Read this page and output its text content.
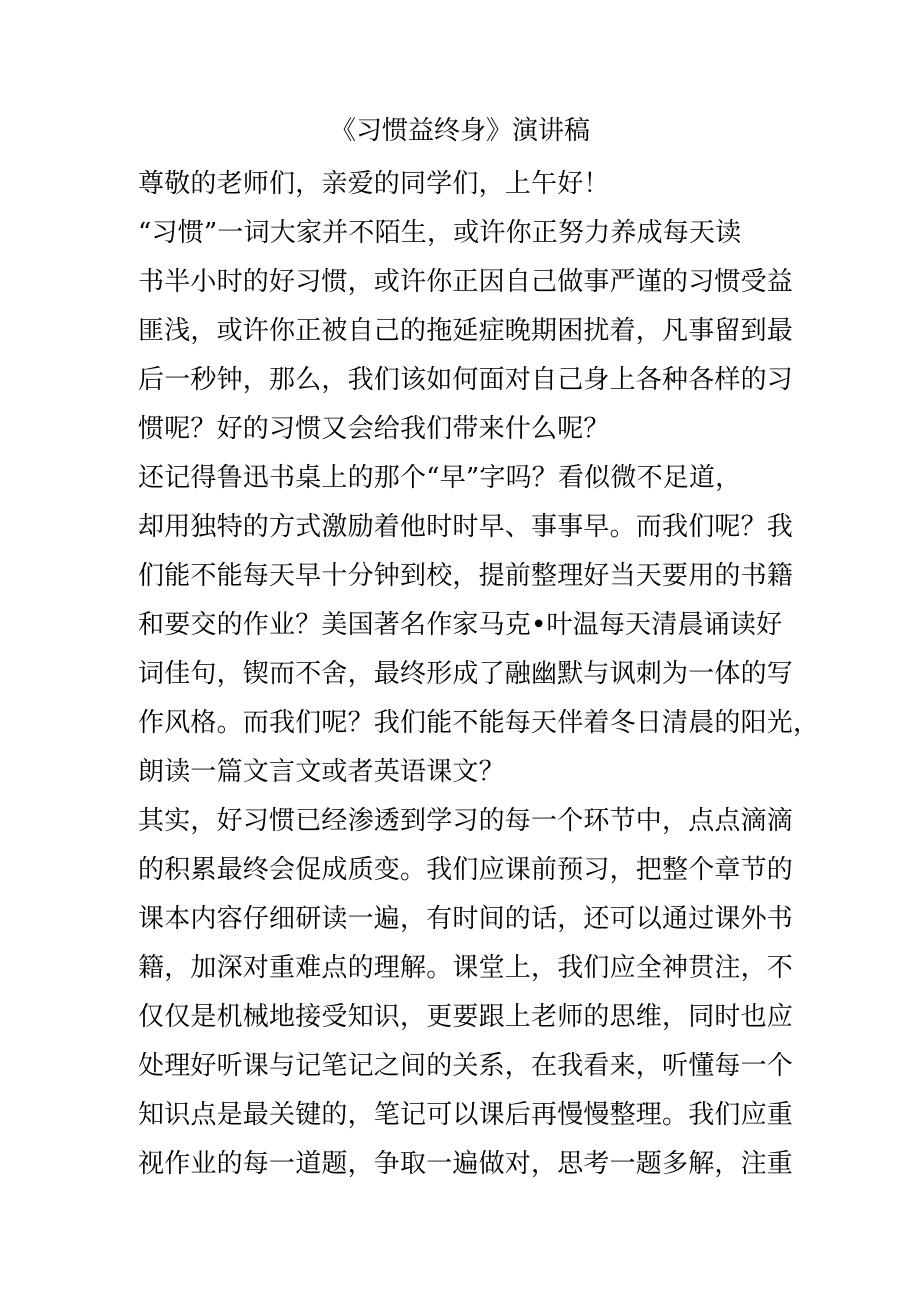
《习惯益终身》演讲稿
尊敬的老师们，亲爱的同学们，上午好！
“习惯”一词大家并不陌生，或许你正努力养成每天读
书半小时的好习惯，或许你正因自己做事严谨的习惯受益
匪浅，或许你正被自己的拖延症晚期困扰着，凡事留到最
后一秒钟，那么，我们该如何面对自己身上各种各样的习
惯呢？好的习惯又会给我们带来什么呢？
还记得鲁迅书桌上的那个“早”字吗？看似微不足道，
却用独特的方式激励着他时时早、事事早。而我们呢？我
们能不能每天早十分钟到校，提前整理好当天要用的书籍
和要交的作业？美国著名作家马克•叶温每天清晨诵读好
词佳句，锲而不舍，最终形成了融幽默与讽刺为一体的写
作风格。而我们呢？我们能不能每天伴着冬日清晨的阳光，
朗读一篇文言文或者英语课文？
其实，好习惯已经渗透到学习的每一个环节中，点点滴滴
的积累最终会促成质变。我们应课前预习，把整个章节的
课本内容仔细研读一遍，有时间的话，还可以通过课外书
籍，加深对重难点的理解。课堂上，我们应全神贯注，不
仅仅是机械地接受知识，更要跟上老师的思维，同时也应
处理好听课与记笔记之间的关系，在我看来，听懂每一个
知识点是最关键的，笔记可以课后再慢慢整理。我们应重
视作业的每一道题，争取一遍做对，思考一题多解，注重
